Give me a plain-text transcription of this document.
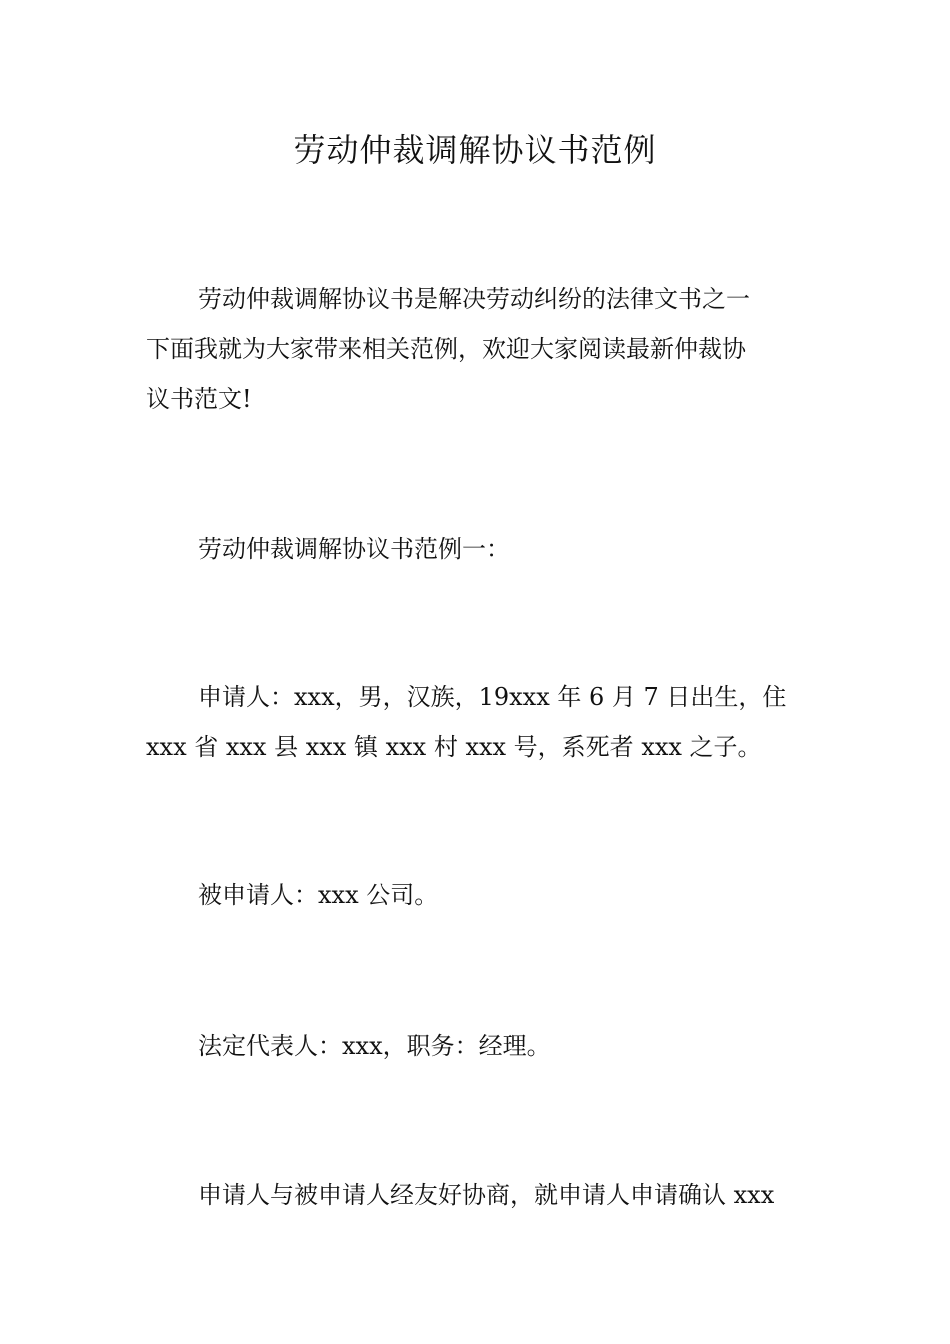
劳动仲裁调解协议书范例

劳动仲裁调解协议书是解决劳动纠纷的法律文书之一
下面我就为大家带来相关范例，欢迎大家阅读最新仲裁协
议书范文!

劳动仲裁调解协议书范例一：

申请人：xxx，男，汉族，19xxx 年 6 月 7 日出生，住
xxx 省 xxx 县 xxx 镇 xxx 村 xxx 号，系死者 xxx 之子。

被申请人：xxx 公司。

法定代表人：xxx，职务：经理。

申请人与被申请人经友好协商，就申请人申请确认 xxx
